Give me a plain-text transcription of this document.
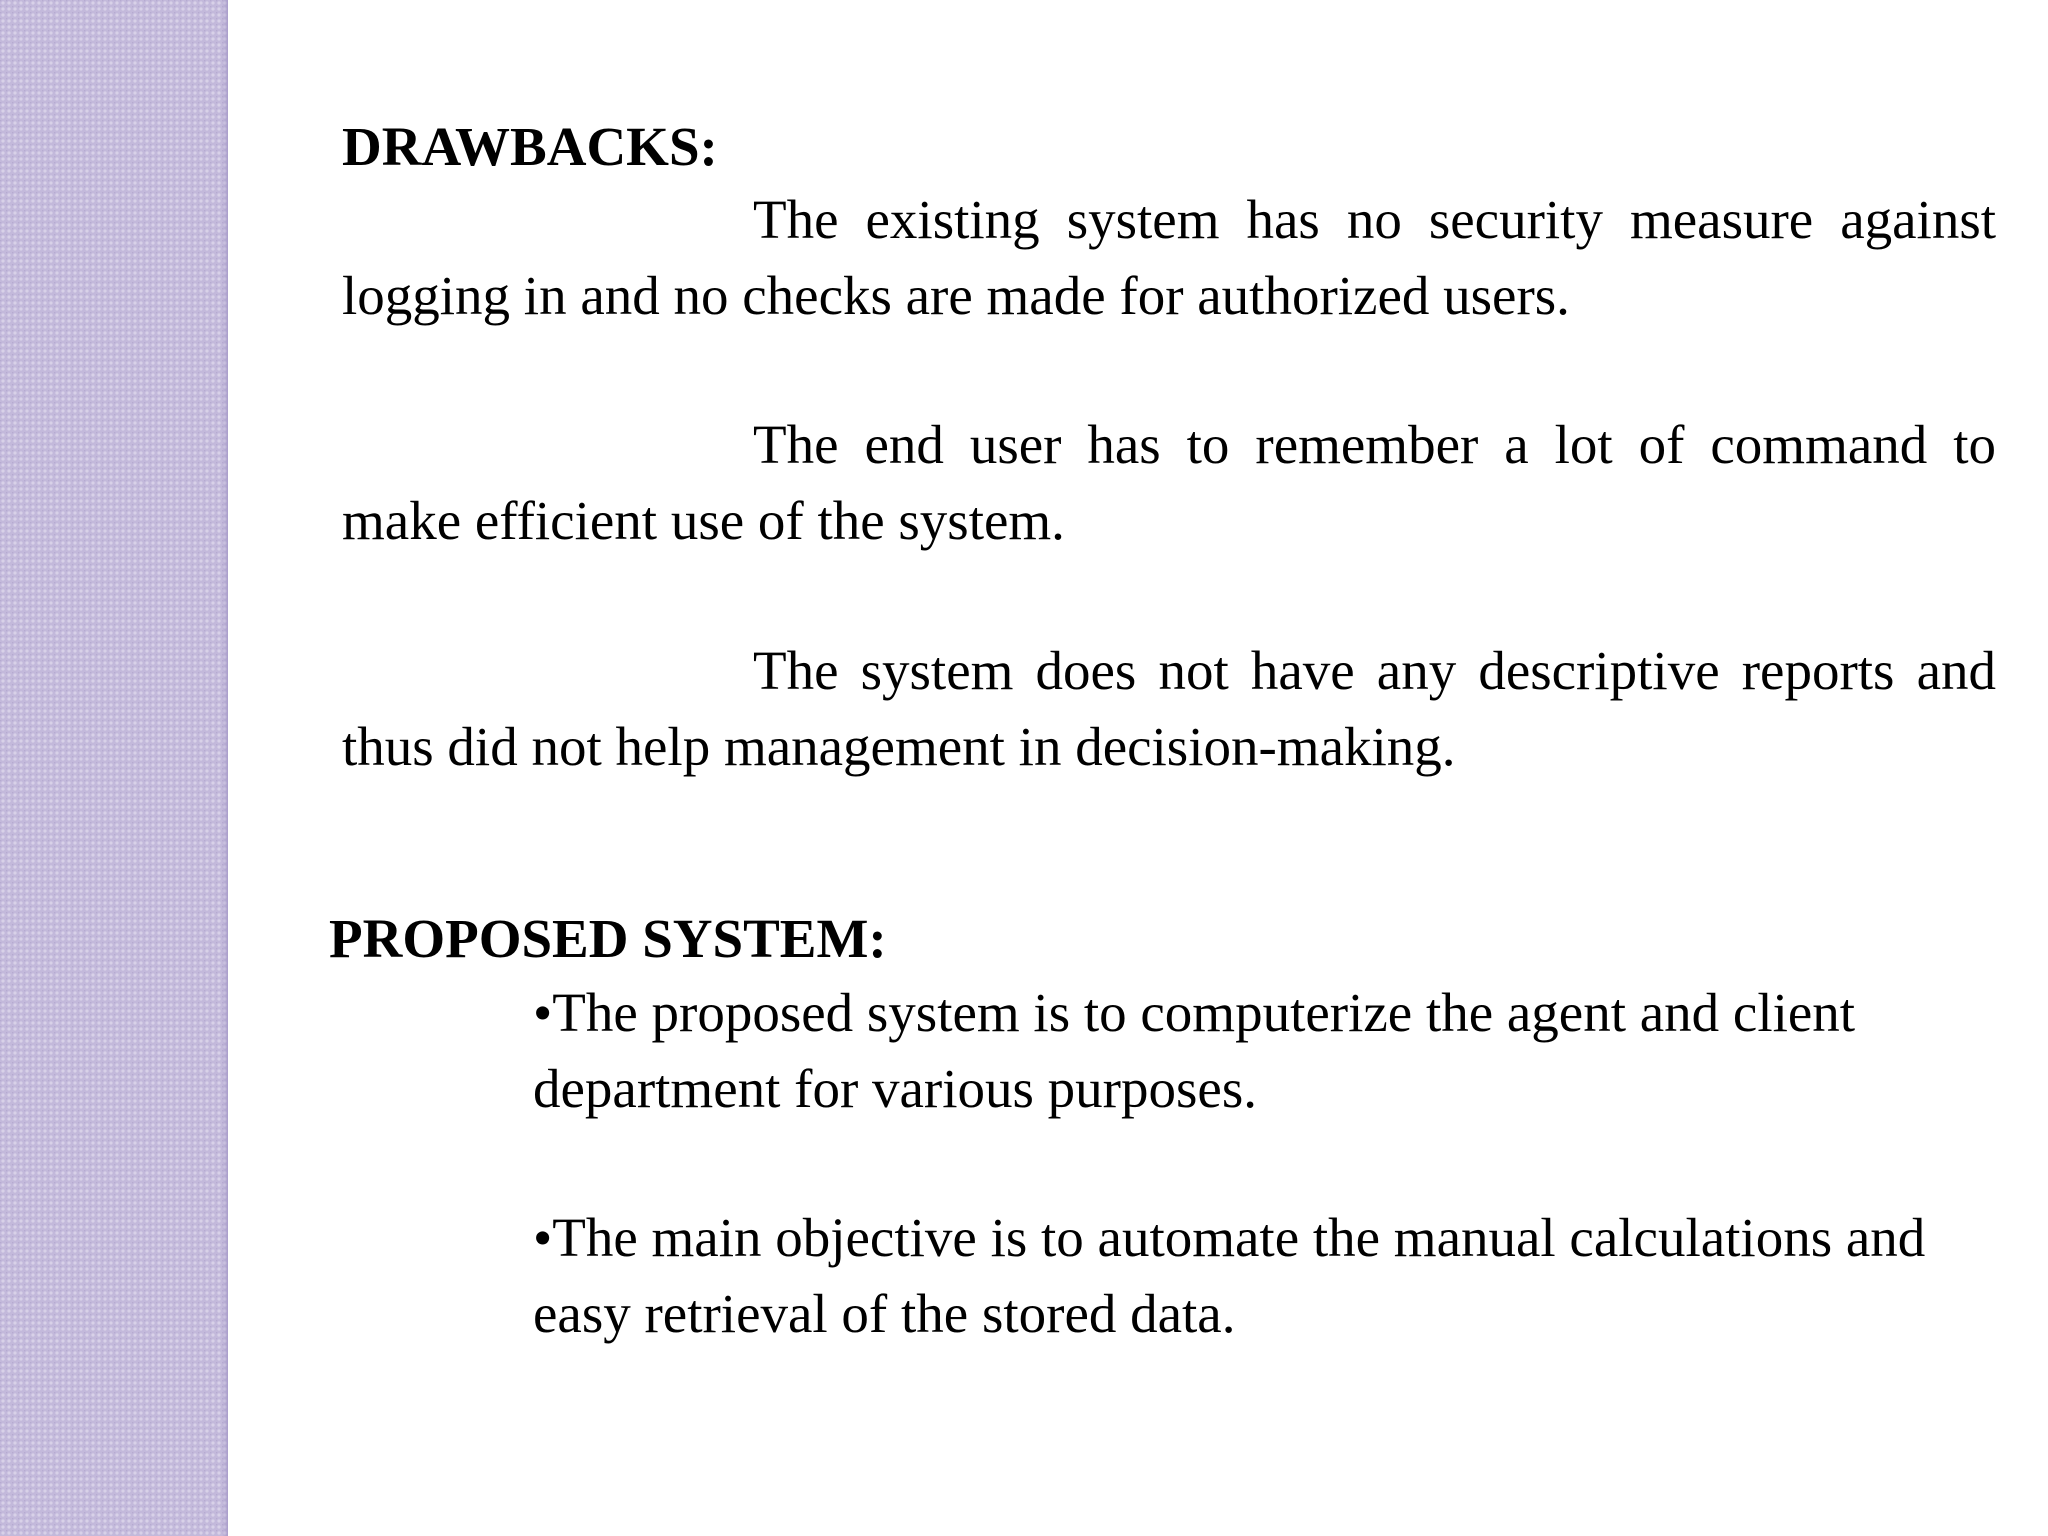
DRAWBACKS:

The existing system has no security measure against logging in and no checks are made for authorized users.

The end user has to remember a lot of command to make efficient use of the system.

The system does not have any descriptive reports and thus did not help management in decision-making.

PROPOSED SYSTEM:

•The proposed system is to computerize the agent and client department for various purposes.

•The main objective is to automate the manual calculations and easy retrieval of the stored data.
